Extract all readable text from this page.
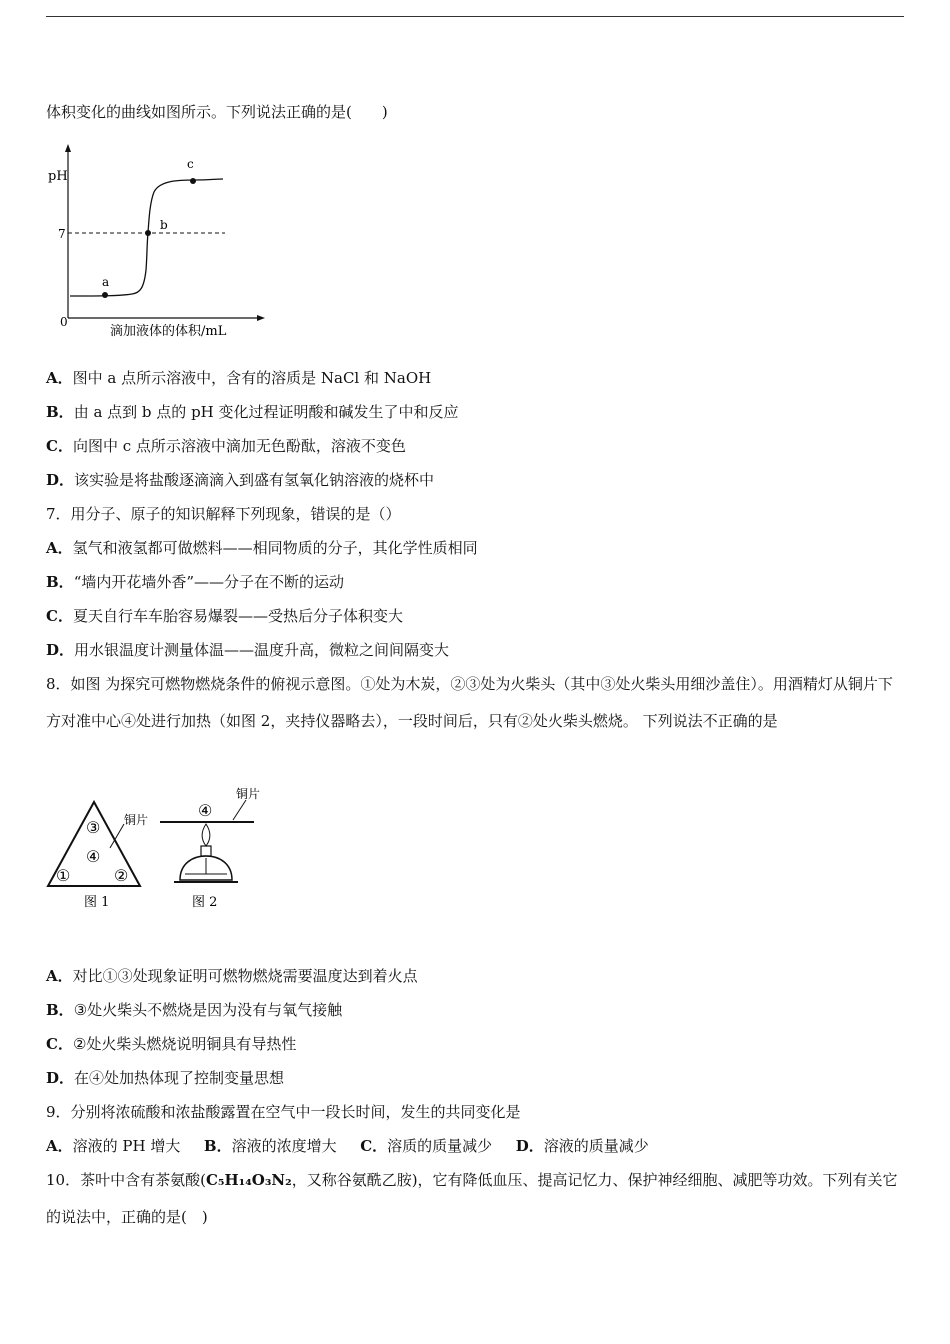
体积变化的曲线如图所示。下列说法正确的是(　　)
pH
7
0
a
b
c
滴加液体的体积/mL
A．图中 a 点所示溶液中，含有的溶质是 NaCl 和 NaOH
B．由 a 点到 b 点的 pH 变化过程证明酸和碱发生了中和反应
C．向图中 c 点所示溶液中滴加无色酚酞，溶液不变色
D．该实验是将盐酸逐滴滴入到盛有氢氧化钠溶液的烧杯中
7．用分子、原子的知识解释下列现象，错误的是（）
A．氢气和液氢都可做燃料——相同物质的分子，其化学性质相同
B．“墙内开花墙外香”——分子在不断的运动
C．夏天自行车车胎容易爆裂——受热后分子体积变大
D．用水银温度计测量体温——温度升高，微粒之间间隔变大
8．如图 为探究可燃物燃烧条件的俯视示意图。①处为木炭，②③处为火柴头（其中③处火柴头用细沙盖住）。用酒精灯从铜片下方对准中心④处进行加热（如图 2，夹持仪器略去），一段时间后，只有②处火柴头燃烧。 下列说法不正确的是
③
④
①	②
铜片
图 1
④
铜片
图 2
A．对比①③处现象证明可燃物燃烧需要温度达到着火点
B．③处火柴头不燃烧是因为没有与氧气接触
C．②处火柴头燃烧说明铜具有导热性
D．在④处加热体现了控制变量思想
9．分别将浓硫酸和浓盐酸露置在空气中一段长时间，发生的共同变化是
A．溶液的 PH 增大 B．溶液的浓度增大 C．溶质的质量减少 D．溶液的质量减少
10．茶叶中含有茶氨酸(C₅H₁₄O₃N₂，又称谷氨酰乙胺)，它有降低血压、提高记忆力、保护神经细胞、减肥等功效。下列有关它的说法中，正确的是(　)
